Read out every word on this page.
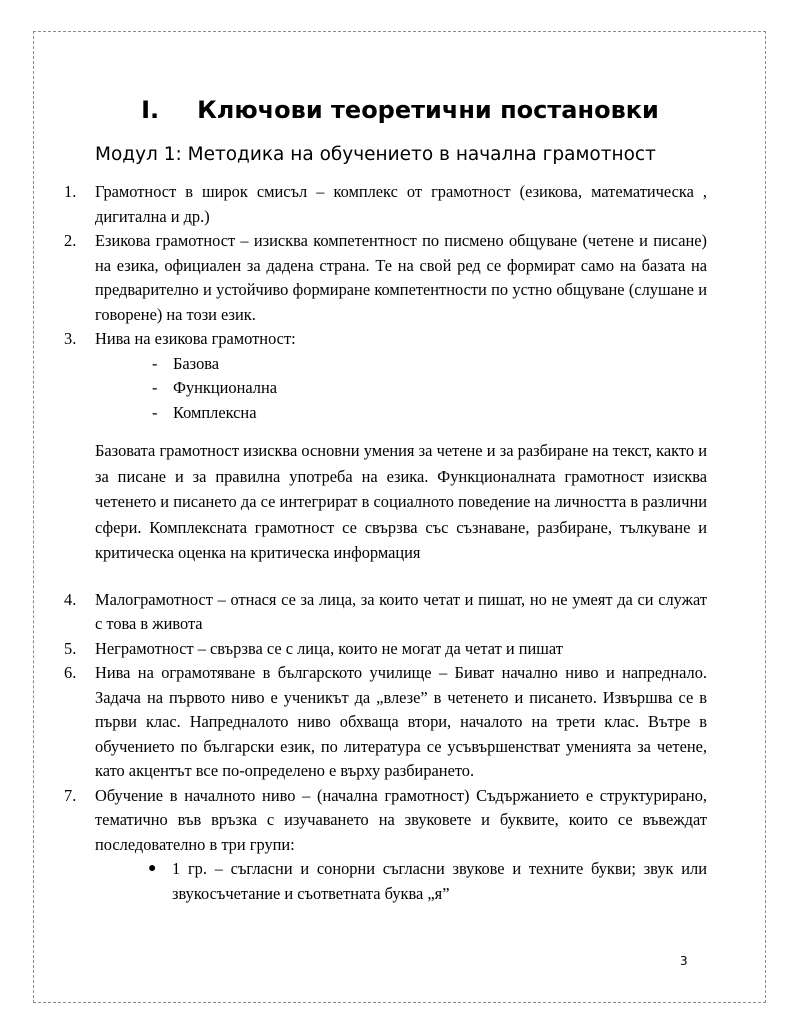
I. Ключови теоретични постановки
Модул 1: Методика на обучението в начална грамотност
1. Грамотност в широк смисъл – комплекс от грамотност (езикова, математическа , дигитална и др.)
2. Езикова грамотност – изисква компетентност по писмено общуване (четене и писане) на езика, официален за дадена страна. Те на свой ред се формират само на базата на предварително и устойчиво формиране компетентности по устно общуване (слушане и говорене) на този език.
3. Нива на езикова грамотност:
- Базова
- Функционална
- Комплексна

Базовата грамотност изисква основни умения за четене и за разбиране на текст, както и за писане и за правилна употреба на езика. Функционалната грамотност изисква четенето и писането да се интегрират в социалното поведение на личността в различни сфери. Комплексната грамотност се свързва със съзнаване, разбиране, тълкуване и критическа оценка на критическа информация

4. Малограмотност – отнася се за лица, за които четат и пишат, но не умеят да си служат с това в живота
5. Неграмотност – свързва се с лица, които не могат да четат и пишат
6. Нива на ограмотяване в българското училище – Биват начално ниво и напреднало. Задача на първото ниво е ученикът да „влезе” в четенето и писането. Извършва се в първи клас. Напредналото ниво обхваща втори, началото на трети клас. Вътре в обучението по български език, по литература се усъвършенстват уменията за четене, като акцентът все по-определено е върху разбирането.
7. Обучение в началното ниво – (начална грамотност) Съдържанието е структурирано, тематично във връзка с изучаването на звуковете и буквите, които се въвеждат последователно в три групи:
● 1 гр. – съгласни и сонорни съгласни звукове и техните букви; звук или звукосъчетание и съответната буква „я”
3
